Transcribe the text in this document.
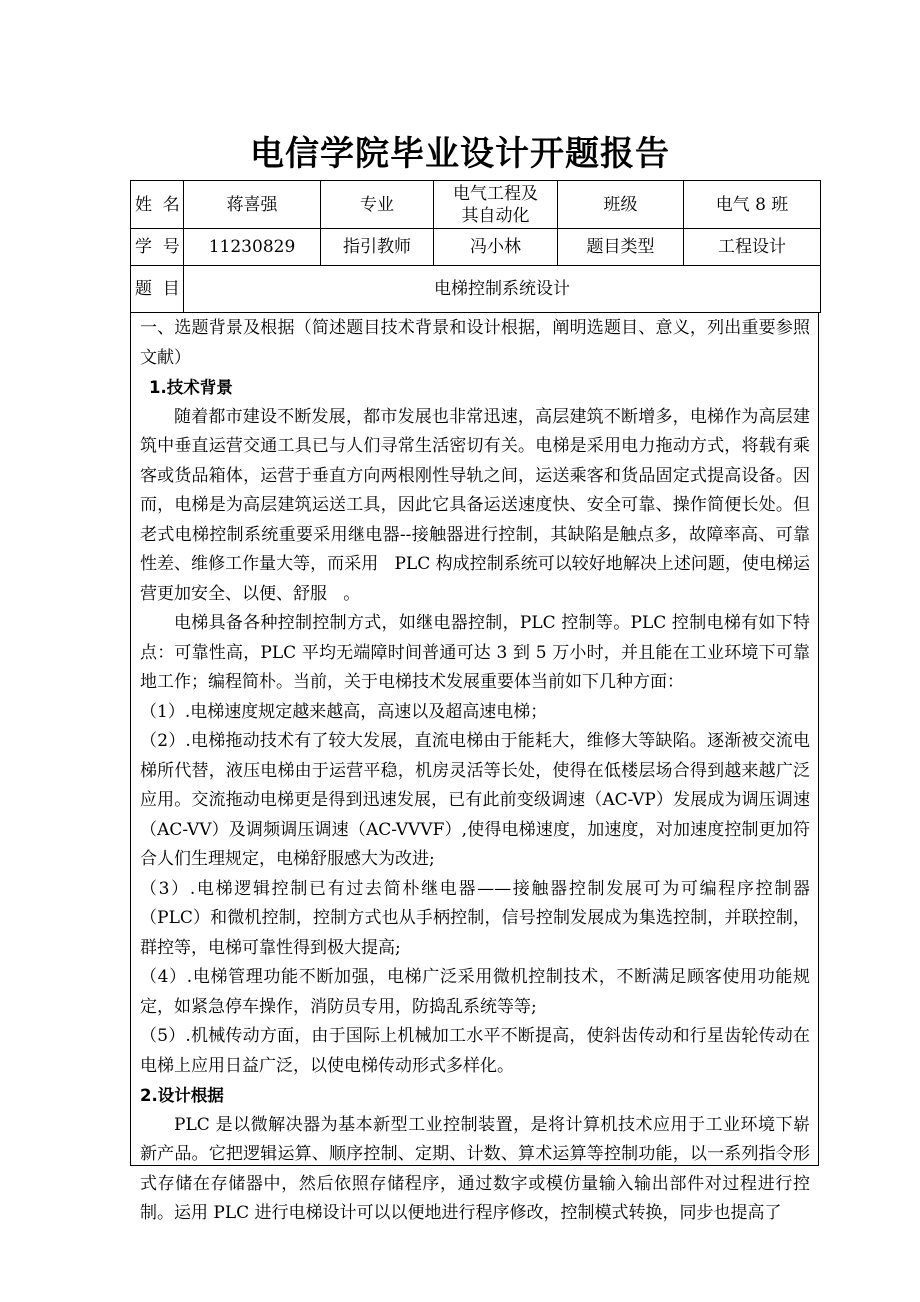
电信学院毕业设计开题报告
姓  名	蒋喜强	专业	电气工程及其自动化	班级	电气 8 班
学  号	11230829	指引教师	冯小林	题目类型	工程设计
题  目	电梯控制系统设计				

一、选题背景及根据（简述题目技术背景和设计根据，阐明选题目、意义，列出重要参照文献）

1.技术背景

随着都市建设不断发展，都市发展也非常迅速，高层建筑不断增多，电梯作为高层建筑中垂直运营交通工具已与人们寻常生活密切有关。电梯是采用电力拖动方式，将载有乘客或货品箱体，运营于垂直方向两根刚性导轨之间，运送乘客和货品固定式提高设备。因而，电梯是为高层建筑运送工具，因此它具备运送速度快、安全可靠、操作简便长处。但老式电梯控制系统重要采用继电器--接触器进行控制，其缺陷是触点多，故障率高、可靠性差、维修工作量大等，而采用   PLC 构成控制系统可以较好地解决上述问题，使电梯运营更加安全、以便、舒服   。

电梯具备各种控制控制方式，如继电器控制，PLC 控制等。PLC 控制电梯有如下特点：可靠性高，PLC 平均无端障时间普通可达 3 到 5 万小时，并且能在工业环境下可靠地工作；编程简朴。当前，关于电梯技术发展重要体当前如下几种方面：

（1）.电梯速度规定越来越高，高速以及超高速电梯；

（2）.电梯拖动技术有了较大发展，直流电梯由于能耗大，维修大等缺陷。逐渐被交流电梯所代替，液压电梯由于运营平稳，机房灵活等长处，使得在低楼层场合得到越来越广泛应用。交流拖动电梯更是得到迅速发展，已有此前变级调速（AC-VP）发展成为调压调速（AC-VV）及调频调压调速（AC-VVVF）,使得电梯速度，加速度，对加速度控制更加符合人们生理规定，电梯舒服感大为改进;

（3）.电梯逻辑控制已有过去简朴继电器——接触器控制发展可为可编程序控制器（PLC）和微机控制，控制方式也从手柄控制，信号控制发展成为集选控制，并联控制，群控等，电梯可靠性得到极大提高;

（4）.电梯管理功能不断加强，电梯广泛采用微机控制技术，不断满足顾客使用功能规定，如紧急停车操作，消防员专用，防捣乱系统等等;

（5）.机械传动方面，由于国际上机械加工水平不断提高，使斜齿传动和行星齿轮传动在电梯上应用日益广泛，以使电梯传动形式多样化。

2.设计根据

PLC 是以微解决器为基本新型工业控制装置，是将计算机技术应用于工业环境下崭新产品。它把逻辑运算、顺序控制、定期、计数、算术运算等控制功能，以一系列指令形式存储在存储器中，然后依照存储程序，通过数字或模仿量输入输出部件对过程进行控制。运用 PLC 进行电梯设计可以以便地进行程序修改，控制模式转换，同步也提高了
